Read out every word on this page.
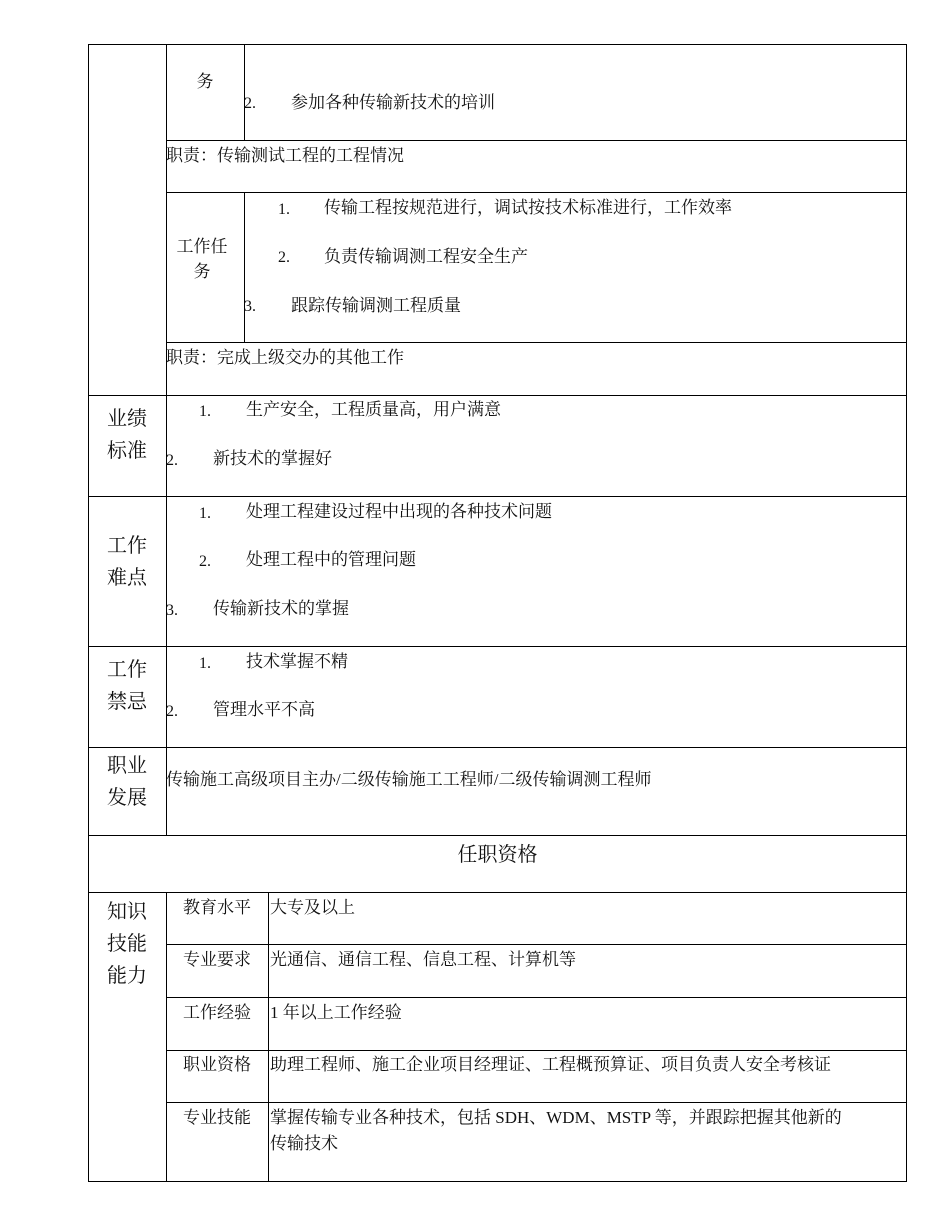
务
2. 参加各种传输新技术的培训
职责：传输测试工程的工程情况
工作任务
1. 传输工程按规范进行，调试按技术标准进行，工作效率
2. 负责传输调测工程安全生产
3. 跟踪传输调测工程质量
职责：完成上级交办的其他工作
业绩标准
1. 生产安全，工程质量高，用户满意
2. 新技术的掌握好
工作难点
1. 处理工程建设过程中出现的各种技术问题
2. 处理工程中的管理问题
3. 传输新技术的掌握
工作禁忌
1. 技术掌握不精
2. 管理水平不高
职业发展
传输施工高级项目主办/二级传输施工工程师/二级传输调测工程师
任职资格
知识技能能力
教育水平	大专及以上
专业要求	光通信、通信工程、信息工程、计算机等
工作经验	1 年以上工作经验
职业资格	助理工程师、施工企业项目经理证、工程概预算证、项目负责人安全考核证
专业技能	掌握传输专业各种技术，包括 SDH、WDM、MSTP 等，并跟踪把握其他新的
传输技术
